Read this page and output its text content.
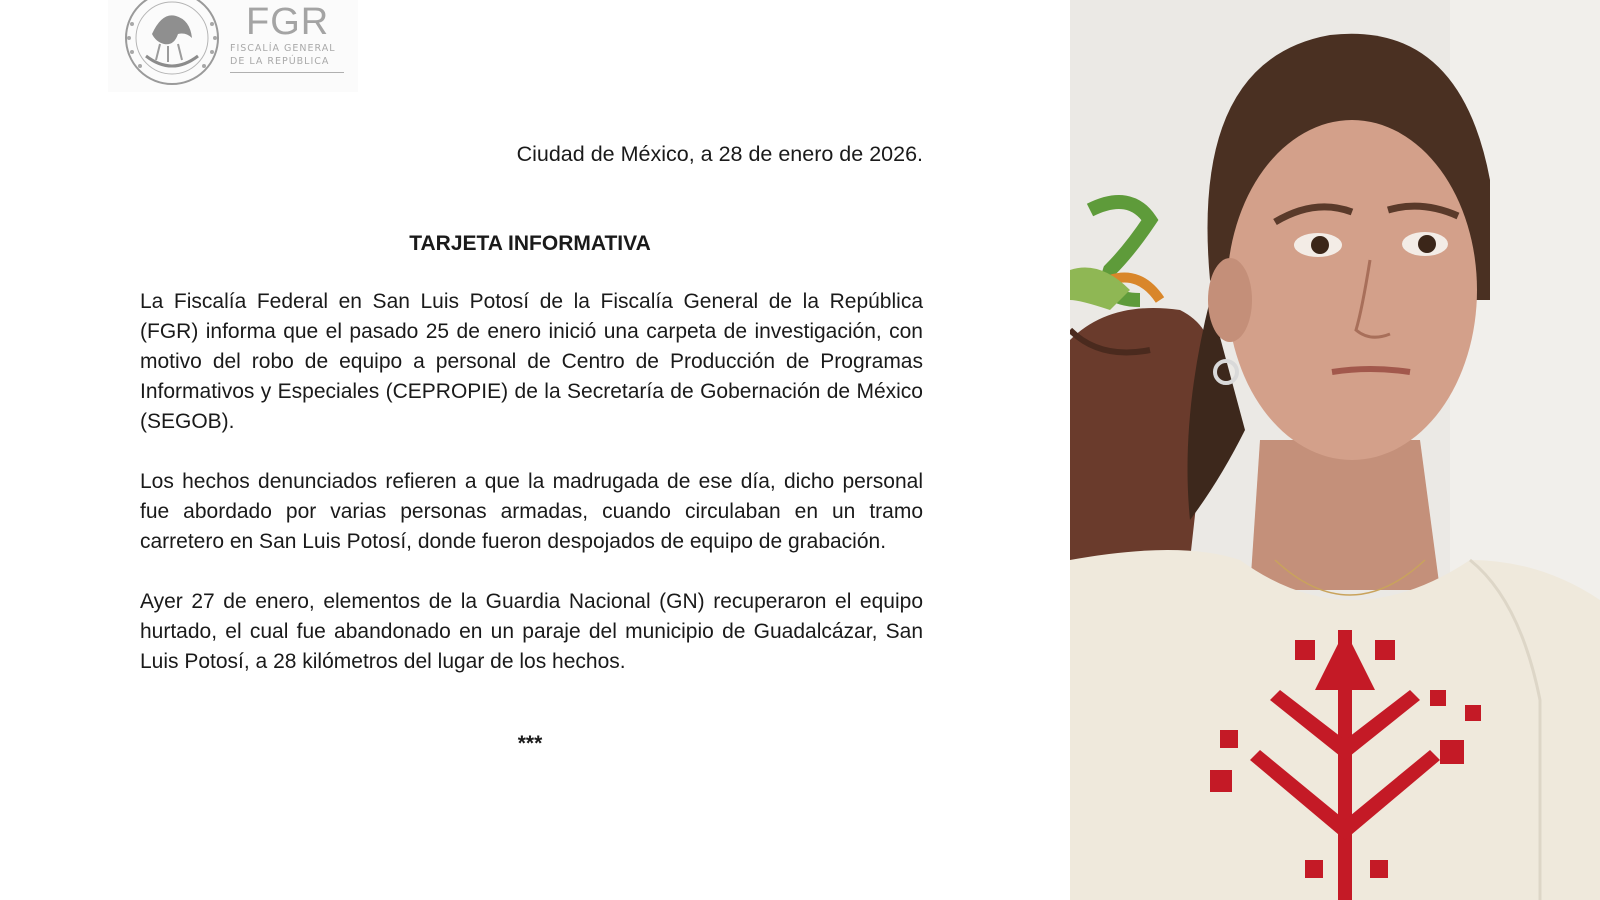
FGR
FISCALÍA GENERAL
DE LA REPÚBLICA
Ciudad de México, a 28 de enero de 2026.
TARJETA INFORMATIVA

La Fiscalía Federal en San Luis Potosí de la Fiscalía General de la República (FGR) informa que el pasado 25 de enero inició una carpeta de investigación, con motivo del robo de equipo a personal de Centro de Producción de Programas Informativos y Especiales (CEPROPIE) de la Secretaría de Gobernación de México (SEGOB).

Los hechos denunciados refieren a que la madrugada de ese día, dicho personal fue abordado por varias personas armadas, cuando circulaban en un tramo carretero en San Luis Potosí, donde fueron despojados de equipo de grabación.

Ayer 27 de enero, elementos de la Guardia Nacional (GN) recuperaron el equipo hurtado, el cual fue abandonado en un paraje del municipio de Guadalcázar, San Luis Potosí, a 28 kilómetros del lugar de los hechos.

***
